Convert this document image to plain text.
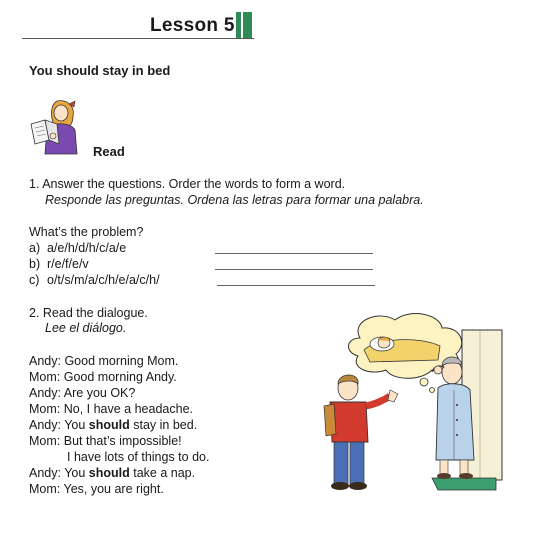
Lesson 5
You should stay in bed
Read
1. Answer the questions. Order the words to form a word.
Responde las preguntas. Ordena las letras para formar una palabra.
What’s the problem?
a) a/e/h/d/h/c/a/e
b) r/e/f/e/v
c) o/t/s/m/a/c/h/e/a/c/h/
2. Read the dialogue.
Lee el diálogo.
Andy: Good morning Mom.
Mom: Good morning Andy.
Andy: Are you OK?
Mom: No, I have a headache.
Andy: You should stay in bed.
Mom: But that’s impossible!
I have lots of things to do.
Andy: You should take a nap.
Mom: Yes, you are right.
